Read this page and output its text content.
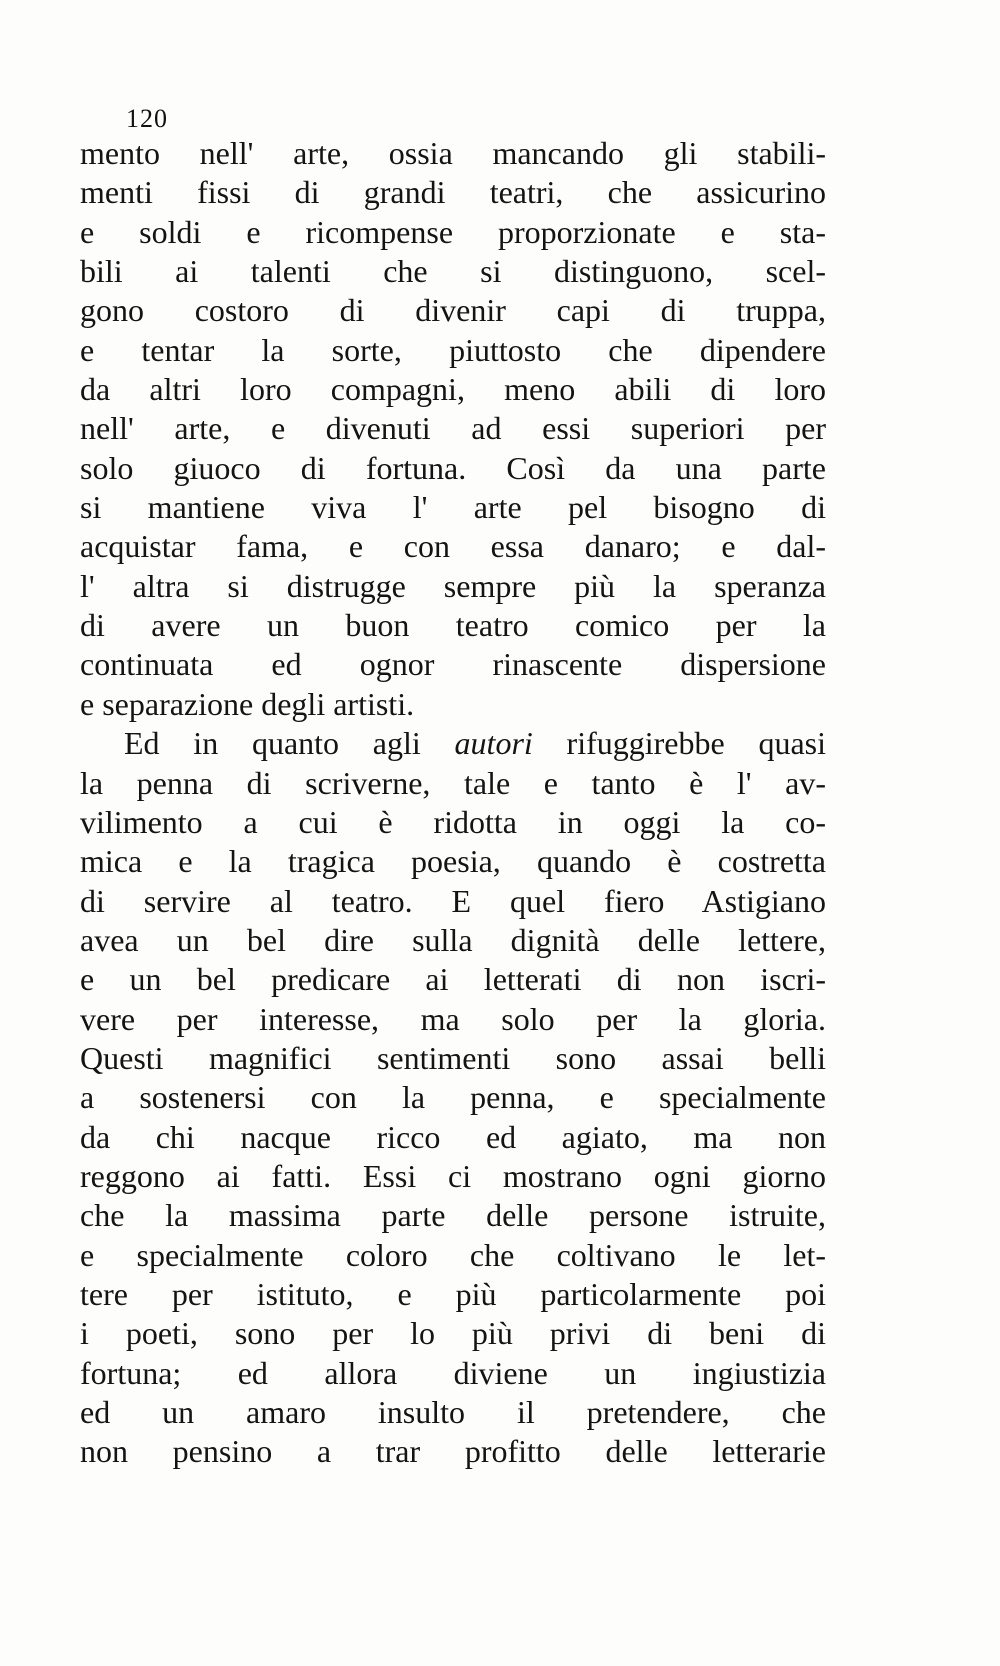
120
mento nell' arte, ossia mancando gli stabili-
menti fissi di grandi teatri, che assicurino
e soldi e ricompense proporzionate e sta-
bili ai talenti che si distinguono, scel-
gono costoro di divenir capi di truppa,
e tentar la sorte, piuttosto che dipendere
da altri loro compagni, meno abili di loro
nell' arte, e divenuti ad essi superiori per
solo giuoco di fortuna. Così da una parte
si mantiene viva l' arte pel bisogno di
acquistar fama, e con essa danaro; e dal-
l' altra si distrugge sempre più la speranza
di avere un buon teatro comico per la
continuata ed ognor rinascente dispersione
e separazione degli artisti.
Ed in quanto agli autori rifuggirebbe quasi
la penna di scriverne, tale e tanto è l' av-
vilimento a cui è ridotta in oggi la co-
mica e la tragica poesia, quando è costretta
di servire al teatro. E quel fiero Astigiano
avea un bel dire sulla dignità delle lettere,
e un bel predicare ai letterati di non iscri-
vere per interesse, ma solo per la gloria.
Questi magnifici sentimenti sono assai belli
a sostenersi con la penna, e specialmente
da chi nacque ricco ed agiato, ma non
reggono ai fatti. Essi ci mostrano ogni giorno
che la massima parte delle persone istruite,
e specialmente coloro che coltivano le let-
tere per istituto, e più particolarmente poi
i poeti, sono per lo più privi di beni di
fortuna; ed allora diviene un ingiustizia
ed un amaro insulto il pretendere, che
non pensino a trar profitto delle letterarie
